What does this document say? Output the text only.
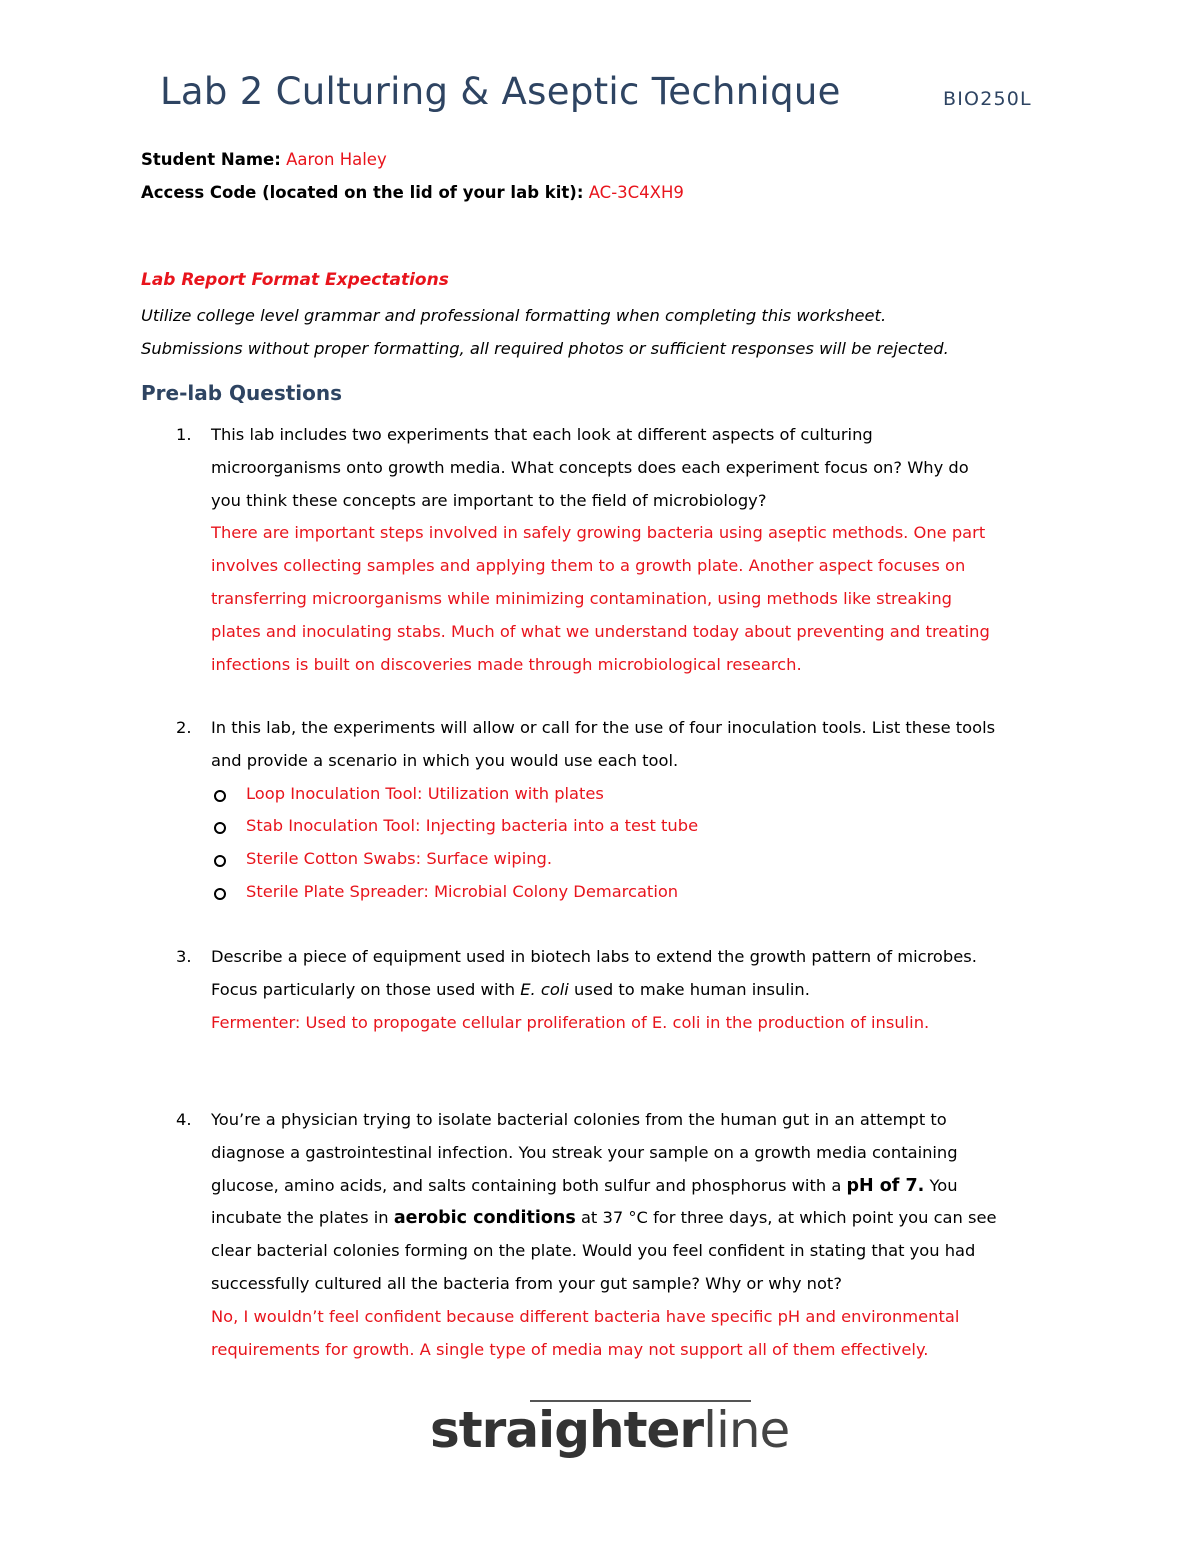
Lab 2 Culturing & Aseptic Technique	BIO250L
Student Name: Aaron Haley
Access Code (located on the lid of your lab kit): AC-3C4XH9
Lab Report Format Expectations
Utilize college level grammar and professional formatting when completing this worksheet.
Submissions without proper formatting, all required photos or sufficient responses will be rejected.
Pre-lab Questions
1. This lab includes two experiments that each look at different aspects of culturing
microorganisms onto growth media. What concepts does each experiment focus on? Why do
you think these concepts are important to the field of microbiology?
There are important steps involved in safely growing bacteria using aseptic methods. One part
involves collecting samples and applying them to a growth plate. Another aspect focuses on
transferring microorganisms while minimizing contamination, using methods like streaking
plates and inoculating stabs. Much of what we understand today about preventing and treating
infections is built on discoveries made through microbiological research.
2. In this lab, the experiments will allow or call for the use of four inoculation tools. List these tools
and provide a scenario in which you would use each tool.
Loop Inoculation Tool: Utilization with plates
Stab Inoculation Tool: Injecting bacteria into a test tube
Sterile Cotton Swabs: Surface wiping.
Sterile Plate Spreader: Microbial Colony Demarcation
3. Describe a piece of equipment used in biotech labs to extend the growth pattern of microbes.
Focus particularly on those used with E. coli used to make human insulin.
Fermenter: Used to propogate cellular proliferation of E. coli in the production of insulin.
4. You’re a physician trying to isolate bacterial colonies from the human gut in an attempt to
diagnose a gastrointestinal infection. You streak your sample on a growth media containing
glucose, amino acids, and salts containing both sulfur and phosphorus with a pH of 7. You
incubate the plates in aerobic conditions at 37 °C for three days, at which point you can see
clear bacterial colonies forming on the plate. Would you feel confident in stating that you had
successfully cultured all the bacteria from your gut sample? Why or why not?
No, I wouldn’t feel confident because different bacteria have specific pH and environmental
requirements for growth. A single type of media may not support all of them effectively.
straighterline
